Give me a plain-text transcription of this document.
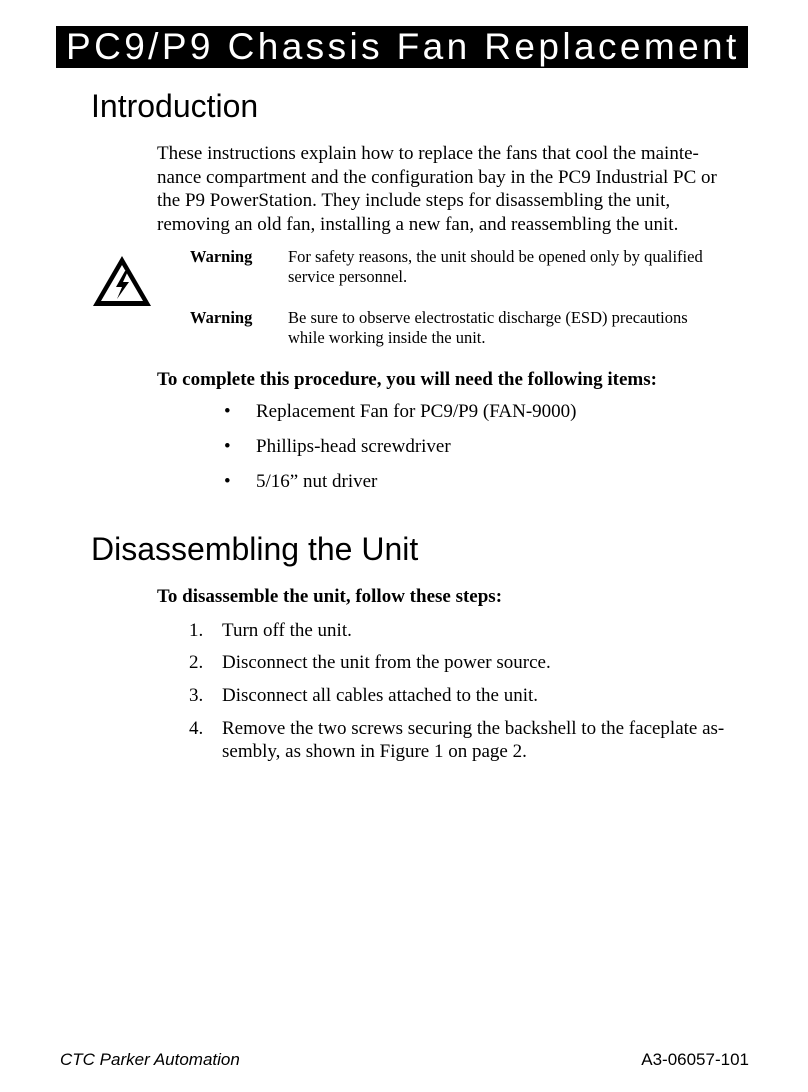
PC9/P9 Chassis Fan Replacement
Introduction
These instructions explain how to replace the fans that cool the mainte-
nance compartment and the configuration bay in the PC9 Industrial PC or
the P9 PowerStation. They include steps for disassembling the unit,
removing an old fan, installing a new fan, and reassembling the unit.
Warning For safety reasons, the unit should be opened only by qualified
service personnel.
Warning Be sure to observe electrostatic discharge (ESD) precautions
while working inside the unit.
To complete this procedure, you will need the following items:
• Replacement Fan for PC9/P9 (FAN-9000)
• Phillips-head screwdriver
• 5/16” nut driver
Disassembling the Unit
To disassemble the unit, follow these steps:
1. Turn off the unit.
2. Disconnect the unit from the power source.
3. Disconnect all cables attached to the unit.
4. Remove the two screws securing the backshell to the faceplate as-
sembly, as shown in Figure 1 on page 2.
CTC Parker Automation	A3-06057-101
